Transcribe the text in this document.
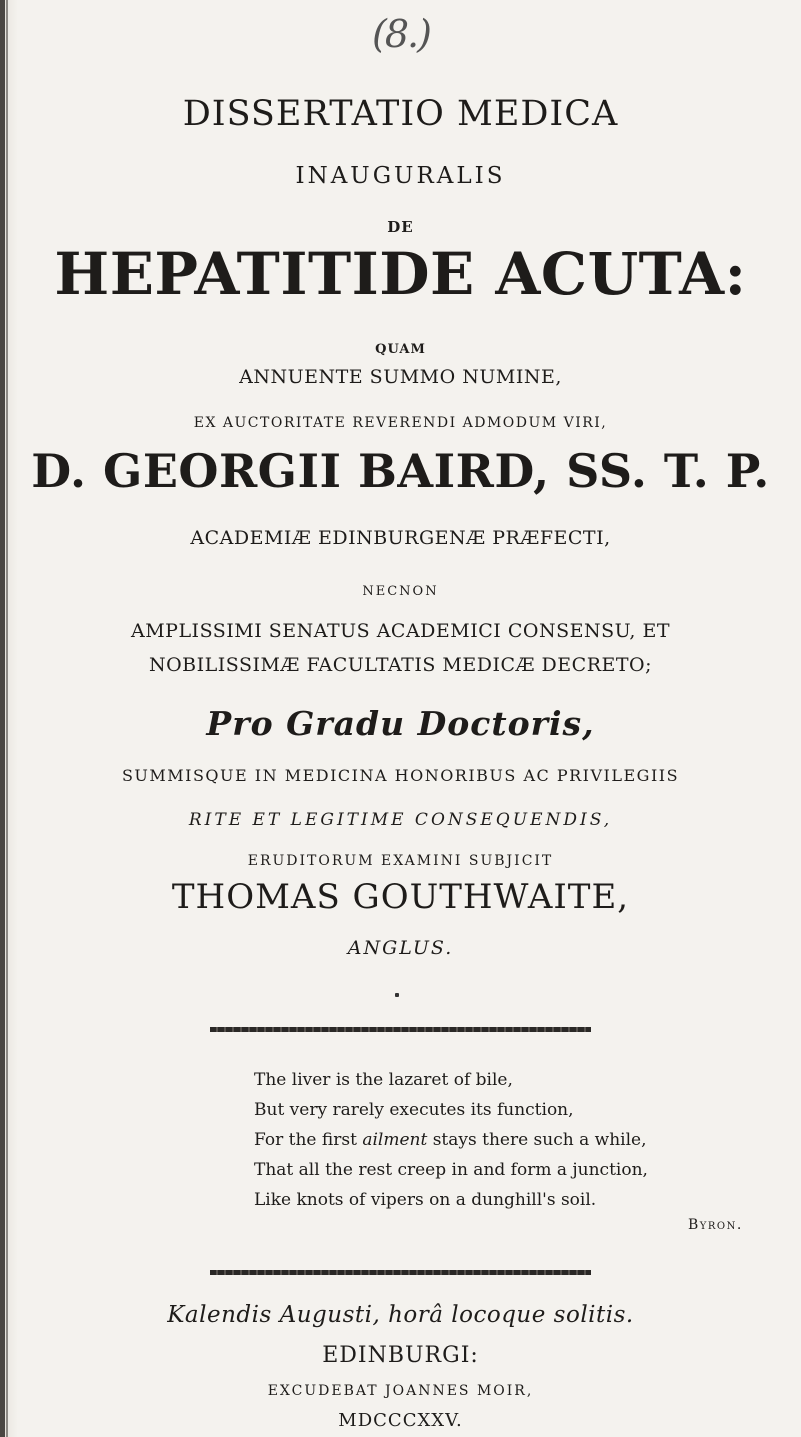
(8.)
DISSERTATIO MEDICA
INAUGURALIS
DE
HEPATITIDE ACUTA:
QUAM
ANNUENTE SUMMO NUMINE,
EX AUCTORITATE REVERENDI ADMODUM VIRI,
D. GEORGII BAIRD, SS. T. P.
ACADEMIÆ EDINBURGENÆ PRÆFECTI,
NECNON
AMPLISSIMI SENATUS ACADEMICI CONSENSU, ET
NOBILISSIMÆ FACULTATIS MEDICÆ DECRETO;
Pro Gradu Doctoris,
SUMMISQUE IN MEDICINA HONORIBUS AC PRIVILEGIIS
RITE ET LEGITIME CONSEQUENDIS,
ERUDITORUM EXAMINI SUBJICIT
THOMAS GOUTHWAITE,
ANGLUS.

The liver is the lazaret of bile,

But very rarely executes its function,

For the first ailment stays there such a while,

That all the rest creep in and form a junction,

Like knots of vipers on a dunghill's soil.

Byron.
Kalendis Augusti, horâ locoque solitis.
EDINBURGI:
EXCUDEBAT JOANNES MOIR,
MDCCCXXV.
